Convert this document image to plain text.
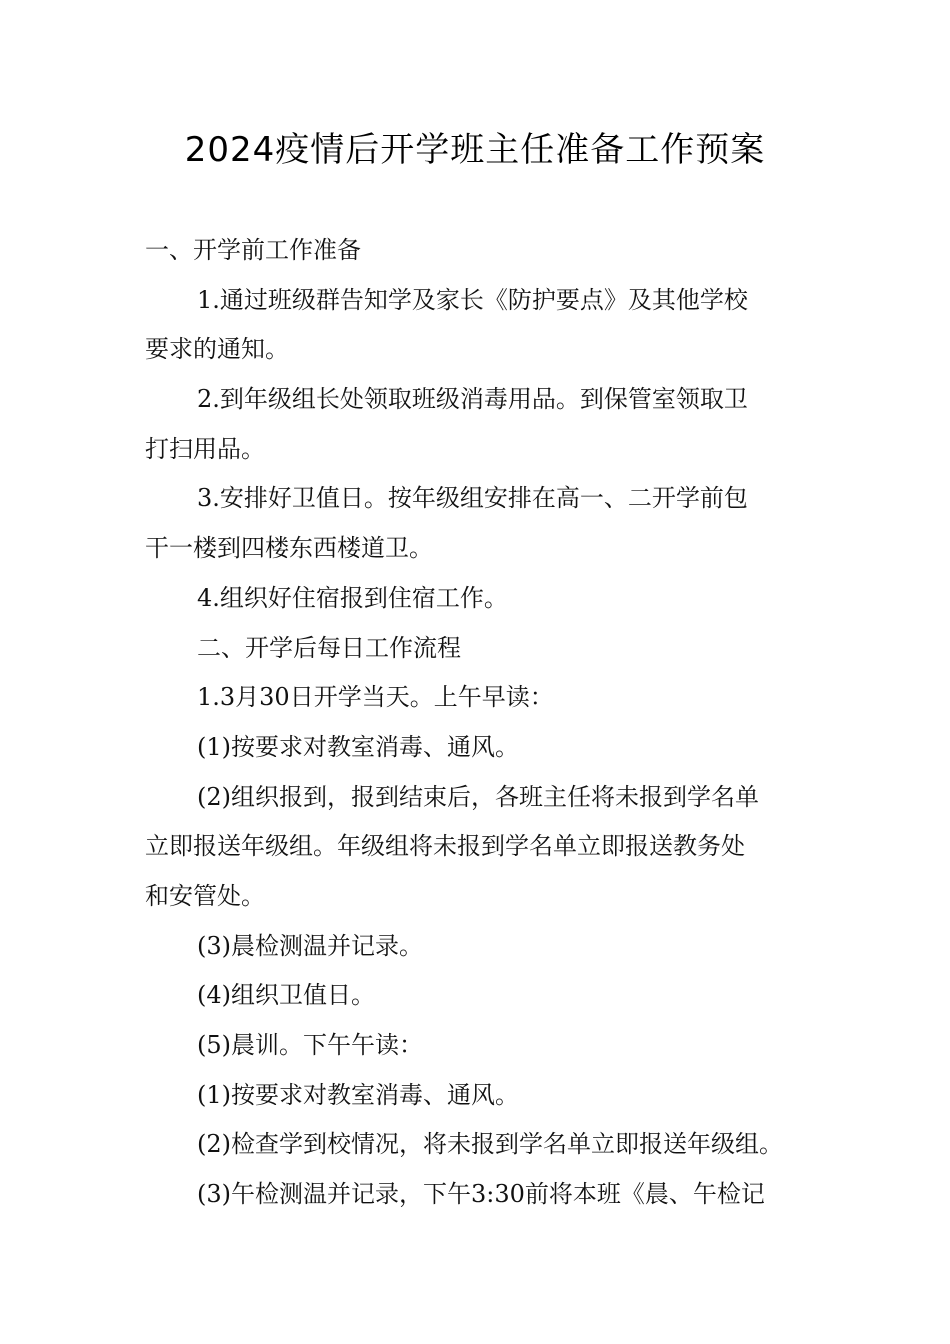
2024疫情后开学班主任准备工作预案
一、开学前工作准备
1.通过班级群告知学及家长《防护要点》及其他学校
要求的通知。
2.到年级组长处领取班级消毒用品。到保管室领取卫
打扫用品。
3.安排好卫值日。按年级组安排在高一、二开学前包
干一楼到四楼东西楼道卫。
4.组织好住宿报到住宿工作。
二、开学后每日工作流程
1.3月30日开学当天。上午早读：
(1)按要求对教室消毒、通风。
(2)组织报到，报到结束后，各班主任将未报到学名单
立即报送年级组。年级组将未报到学名单立即报送教务处
和安管处。
(3)晨检测温并记录。
(4)组织卫值日。
(5)晨训。下午午读：
(1)按要求对教室消毒、通风。
(2)检查学到校情况，将未报到学名单立即报送年级组。
(3)午检测温并记录，下午3:30前将本班《晨、午检记
